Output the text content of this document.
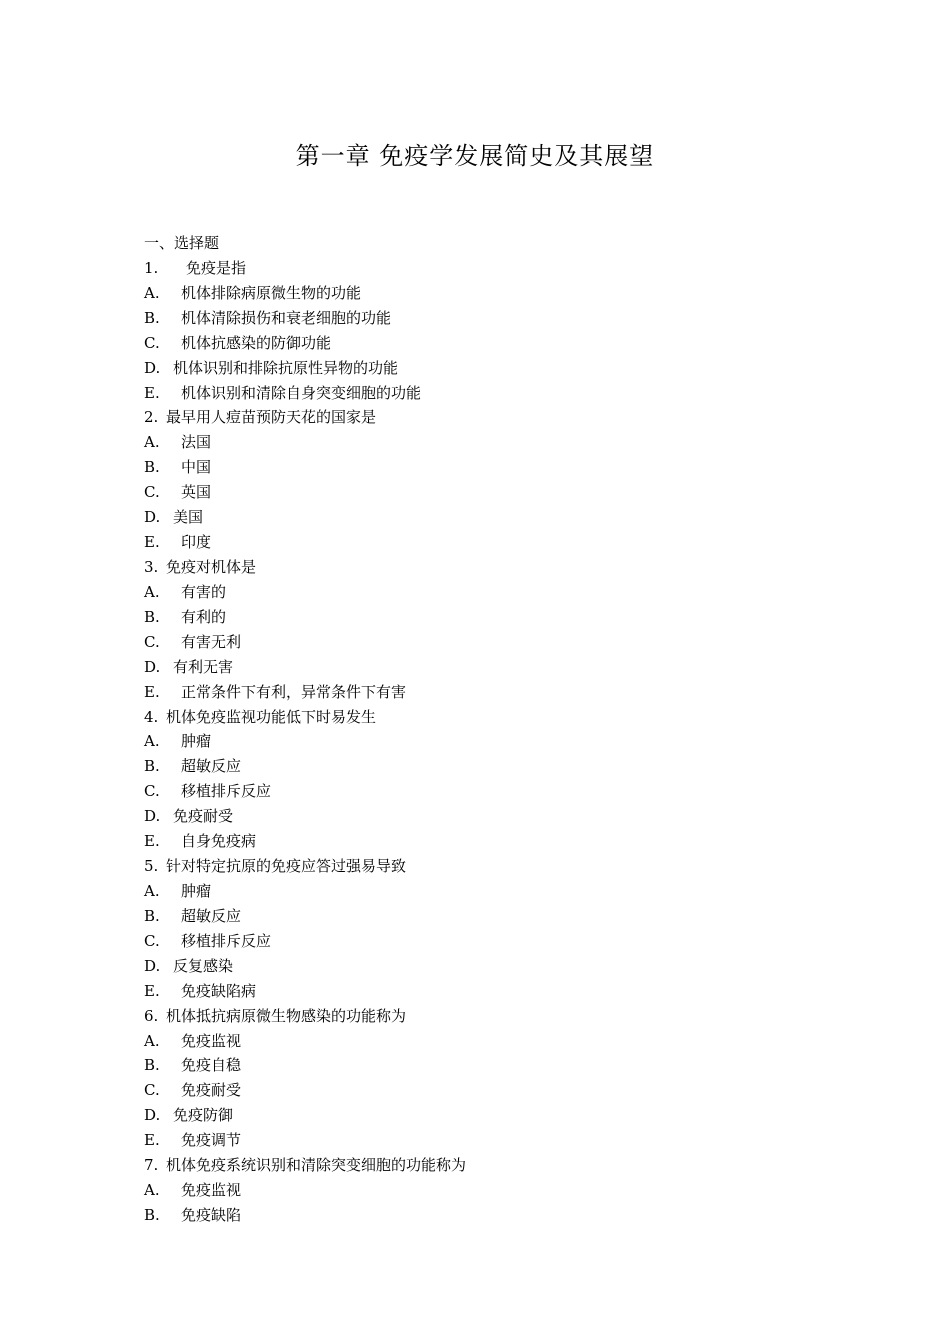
第一章 免疫学发展简史及其展望
一、选择题
1. 免疫是指
A. 机体排除病原微生物的功能
B. 机体清除损伤和衰老细胞的功能
C. 机体抗感染的防御功能
D. 机体识别和排除抗原性异物的功能
E. 机体识别和清除自身突变细胞的功能
2. 最早用人痘苗预防天花的国家是
A. 法国
B. 中国
C. 英国
D. 美国
E. 印度
3. 免疫对机体是
A. 有害的
B. 有利的
C. 有害无利
D. 有利无害
E. 正常条件下有利，异常条件下有害
4. 机体免疫监视功能低下时易发生
A. 肿瘤
B. 超敏反应
C. 移植排斥反应
D. 免疫耐受
E. 自身免疫病
5. 针对特定抗原的免疫应答过强易导致
A. 肿瘤
B. 超敏反应
C. 移植排斥反应
D. 反复感染
E. 免疫缺陷病
6. 机体抵抗病原微生物感染的功能称为
A. 免疫监视
B. 免疫自稳
C. 免疫耐受
D. 免疫防御
E. 免疫调节
7. 机体免疫系统识别和清除突变细胞的功能称为
A. 免疫监视
B. 免疫缺陷
